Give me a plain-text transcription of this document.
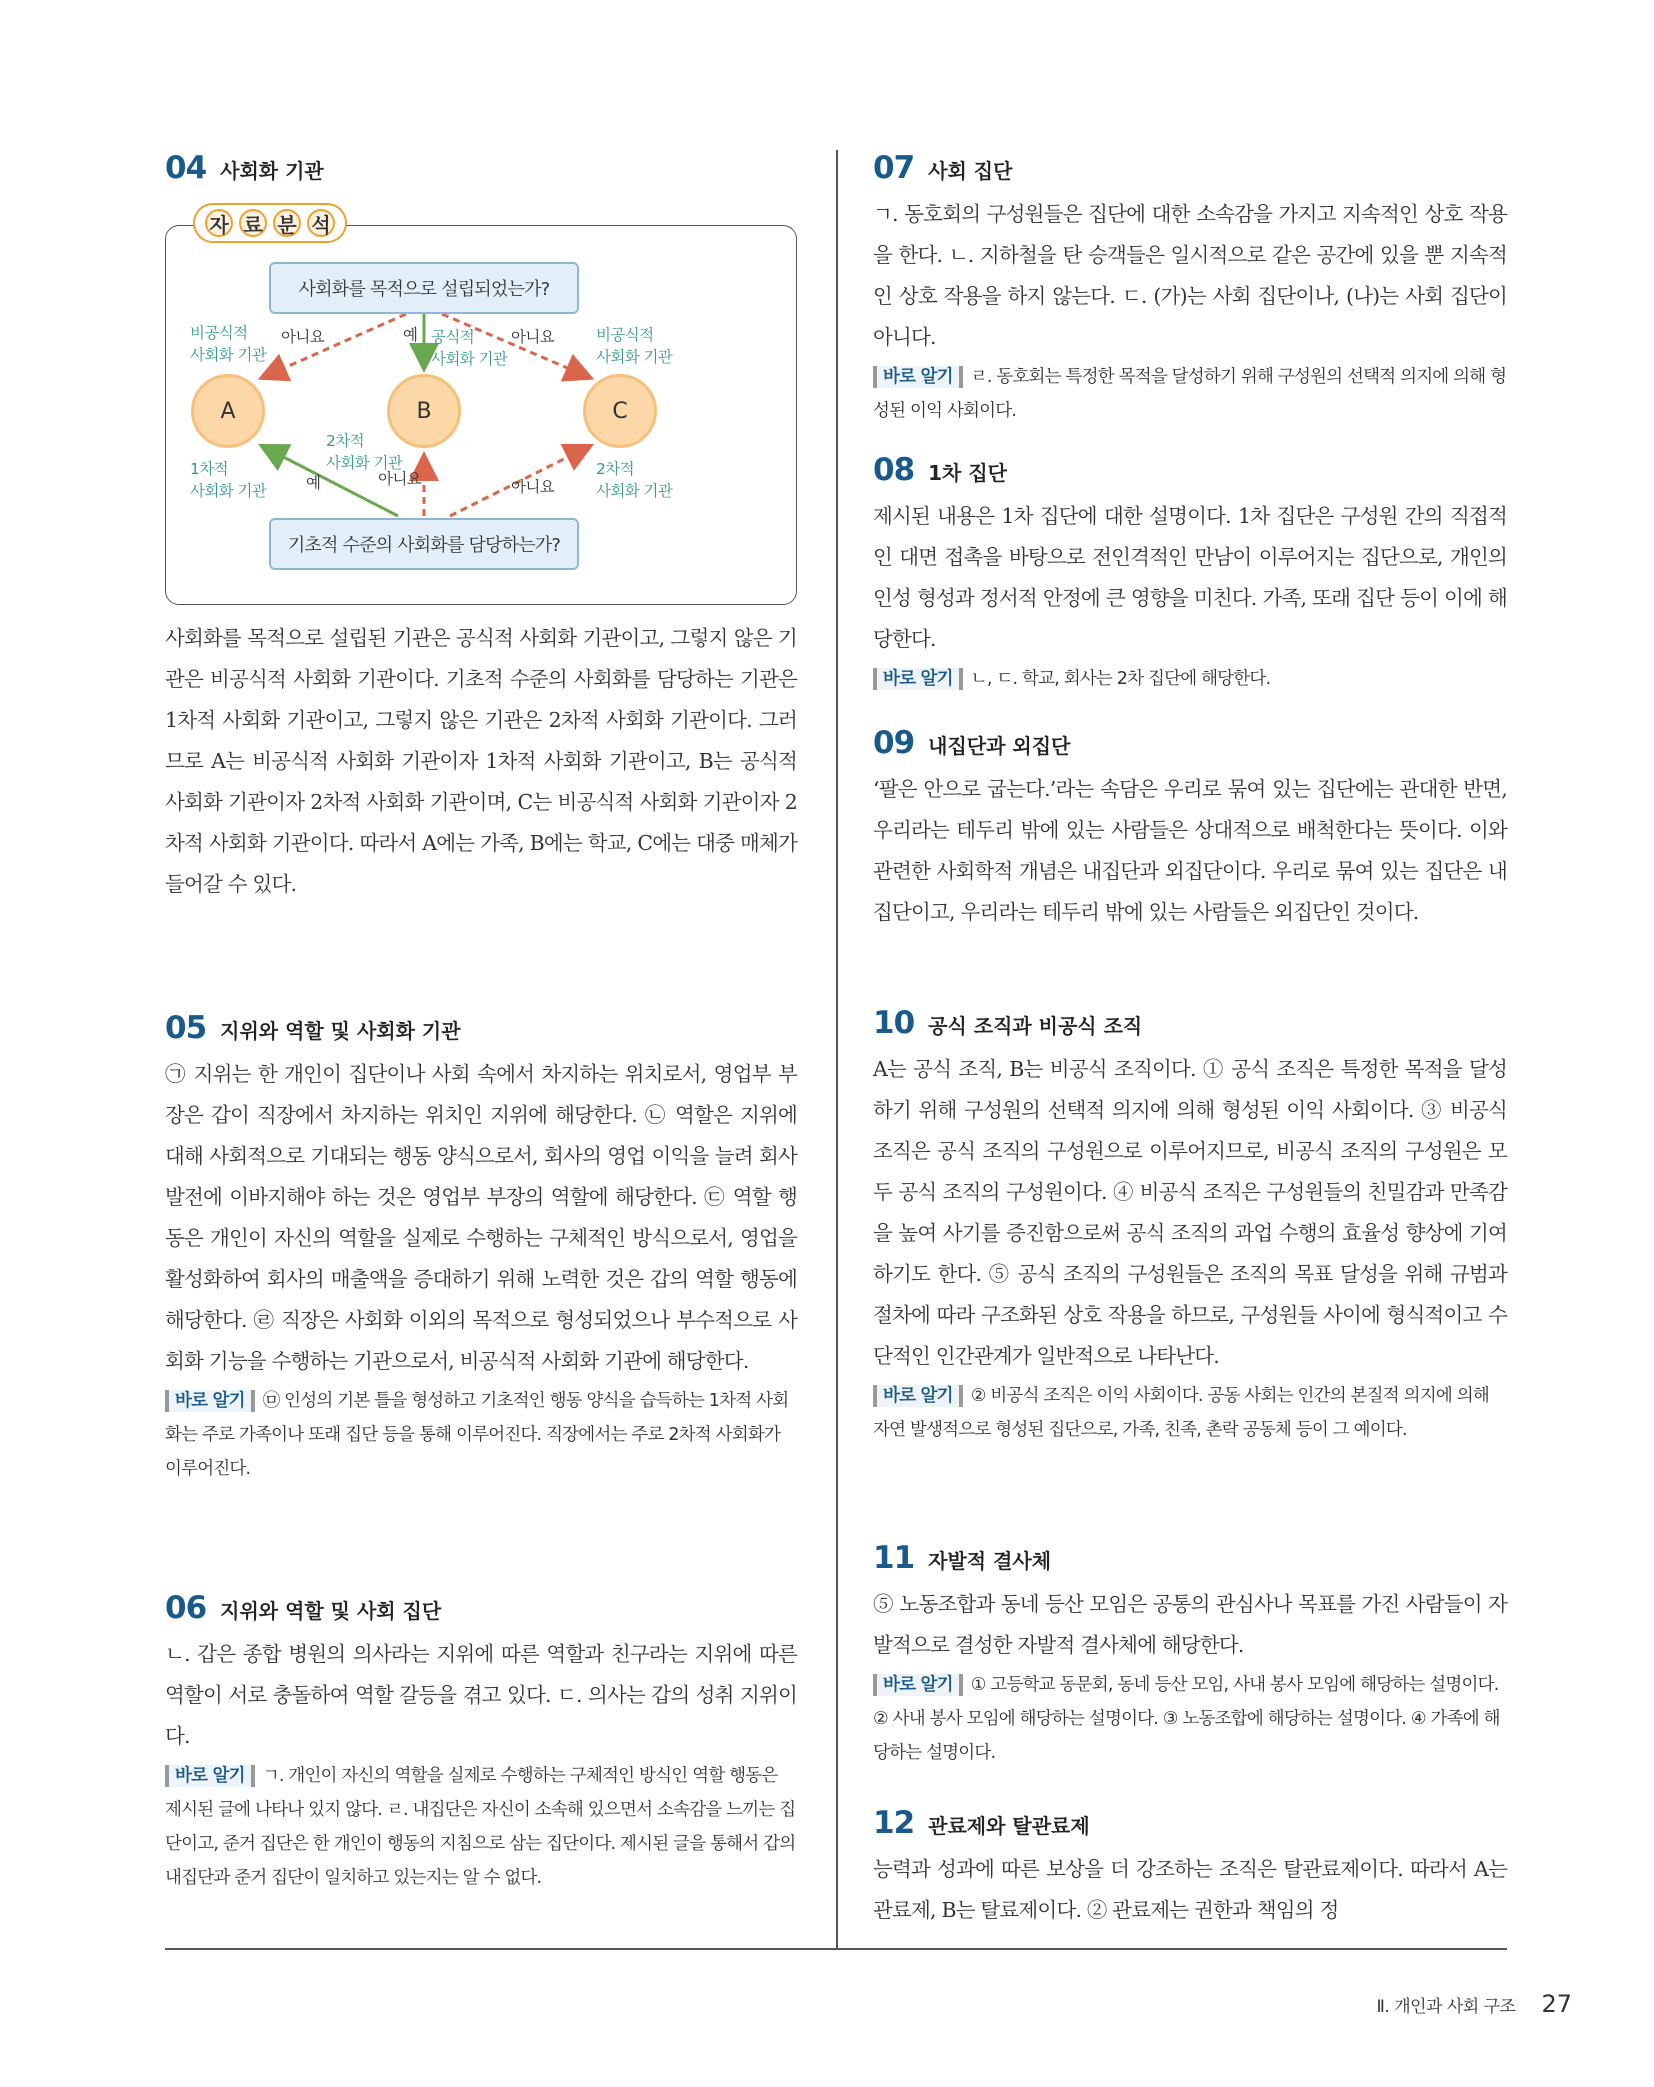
04 사회화 기관
사회화를 목적으로 설립되었는가?
기초적 수준의 사회화를 담당하는가?
A	B	C
비공식적
사회화 기관
아니요	예 공식적
사회화 기관
아니요	비공식적
사회화 기관
1차적
사회화 기관
2차적
사회화 기관
예	아니요	아니요
2차적
사회화 기관
자 료 분 석

사회화를 목적으로 설립된 기관은 공식적 사회화 기관이고, 그렇지 않은 기관은 비공식적 사회화 기관이다. 기초적 수준의 사회화를 담당하는 기관은 1차적 사회화 기관이고, 그렇지 않은 기관은 2차적 사회화 기관이다. 그러므로 A는 비공식적 사회화 기관이자 1차적 사회화 기관이고, B는 공식적 사회화 기관이자 2차적 사회화 기관이며, C는 비공식적 사회화 기관이자 2차적 사회화 기관이다. 따라서 A에는 가족, B에는 학교, C에는 대중 매체가 들어갈 수 있다.

05 지위와 역할 및 사회화 기관

㉠ 지위는 한 개인이 집단이나 사회 속에서 차지하는 위치로서, 영업부 부장은 갑이 직장에서 차지하는 위치인 지위에 해당한다. ㉡ 역할은 지위에 대해 사회적으로 기대되는 행동 양식으로서, 회사의 영업 이익을 늘려 회사 발전에 이바지해야 하는 것은 영업부 부장의 역할에 해당한다. ㉢ 역할 행동은 개인이 자신의 역할을 실제로 수행하는 구체적인 방식으로서, 영업을 활성화하여 회사의 매출액을 증대하기 위해 노력한 것은 갑의 역할 행동에 해당한다. ㉣ 직장은 사회화 이외의 목적으로 형성되었으나 부수적으로 사회화 기능을 수행하는 기관으로서, 비공식적 사회화 기관에 해당한다.

바로 알기 ㉤ 인성의 기본 틀을 형성하고 기초적인 행동 양식을 습득하는 1차적 사회화는 주로 가족이나 또래 집단 등을 통해 이루어진다. 직장에서는 주로 2차적 사회화가 이루어진다.

06 지위와 역할 및 사회 집단

ㄴ. 갑은 종합 병원의 의사라는 지위에 따른 역할과 친구라는 지위에 따른 역할이 서로 충돌하여 역할 갈등을 겪고 있다. ㄷ. 의사는 갑의 성취 지위이다.

바로 알기 ㄱ. 개인이 자신의 역할을 실제로 수행하는 구체적인 방식인 역할 행동은 제시된 글에 나타나 있지 않다. ㄹ. 내집단은 자신이 소속해 있으면서 소속감을 느끼는 집단이고, 준거 집단은 한 개인이 행동의 지침으로 삼는 집단이다. 제시된 글을 통해서 갑의 내집단과 준거 집단이 일치하고 있는지는 알 수 없다.

07 사회 집단

ㄱ. 동호회의 구성원들은 집단에 대한 소속감을 가지고 지속적인 상호 작용을 한다. ㄴ. 지하철을 탄 승객들은 일시적으로 같은 공간에 있을 뿐 지속적인 상호 작용을 하지 않는다. ㄷ. (가)는 사회 집단이나, (나)는 사회 집단이 아니다.

바로 알기 ㄹ. 동호회는 특정한 목적을 달성하기 위해 구성원의 선택적 의지에 의해 형성된 이익 사회이다.

08 1차 집단

제시된 내용은 1차 집단에 대한 설명이다. 1차 집단은 구성원 간의 직접적인 대면 접촉을 바탕으로 전인격적인 만남이 이루어지는 집단으로, 개인의 인성 형성과 정서적 안정에 큰 영향을 미친다. 가족, 또래 집단 등이 이에 해당한다.

바로 알기 ㄴ, ㄷ. 학교, 회사는 2차 집단에 해당한다.

09 내집단과 외집단

‘팔은 안으로 굽는다.’라는 속담은 우리로 묶여 있는 집단에는 관대한 반면, 우리라는 테두리 밖에 있는 사람들은 상대적으로 배척한다는 뜻이다. 이와 관련한 사회학적 개념은 내집단과 외집단이다. 우리로 묶여 있는 집단은 내집단이고, 우리라는 테두리 밖에 있는 사람들은 외집단인 것이다.

10 공식 조직과 비공식 조직

A는 공식 조직, B는 비공식 조직이다. ① 공식 조직은 특정한 목적을 달성하기 위해 구성원의 선택적 의지에 의해 형성된 이익 사회이다. ③ 비공식 조직은 공식 조직의 구성원으로 이루어지므로, 비공식 조직의 구성원은 모두 공식 조직의 구성원이다. ④ 비공식 조직은 구성원들의 친밀감과 만족감을 높여 사기를 증진함으로써 공식 조직의 과업 수행의 효율성 향상에 기여하기도 한다. ⑤ 공식 조직의 구성원들은 조직의 목표 달성을 위해 규범과 절차에 따라 구조화된 상호 작용을 하므로, 구성원들 사이에 형식적이고 수단적인 인간관계가 일반적으로 나타난다.

바로 알기 ② 비공식 조직은 이익 사회이다. 공동 사회는 인간의 본질적 의지에 의해 자연 발생적으로 형성된 집단으로, 가족, 친족, 촌락 공동체 등이 그 예이다.

11 자발적 결사체

⑤ 노동조합과 동네 등산 모임은 공통의 관심사나 목표를 가진 사람들이 자발적으로 결성한 자발적 결사체에 해당한다.

바로 알기 ① 고등학교 동문회, 동네 등산 모임, 사내 봉사 모임에 해당하는 설명이다. ② 사내 봉사 모임에 해당하는 설명이다. ③ 노동조합에 해당하는 설명이다. ④ 가족에 해당하는 설명이다.

12 관료제와 탈관료제

능력과 성과에 따른 보상을 더 강조하는 조직은 탈관료제이다. 따라서 A는 관료제, B는 탈료제이다. ② 관료제는 권한과 책임의 정

Ⅱ. 개인과 사회 구조 27
